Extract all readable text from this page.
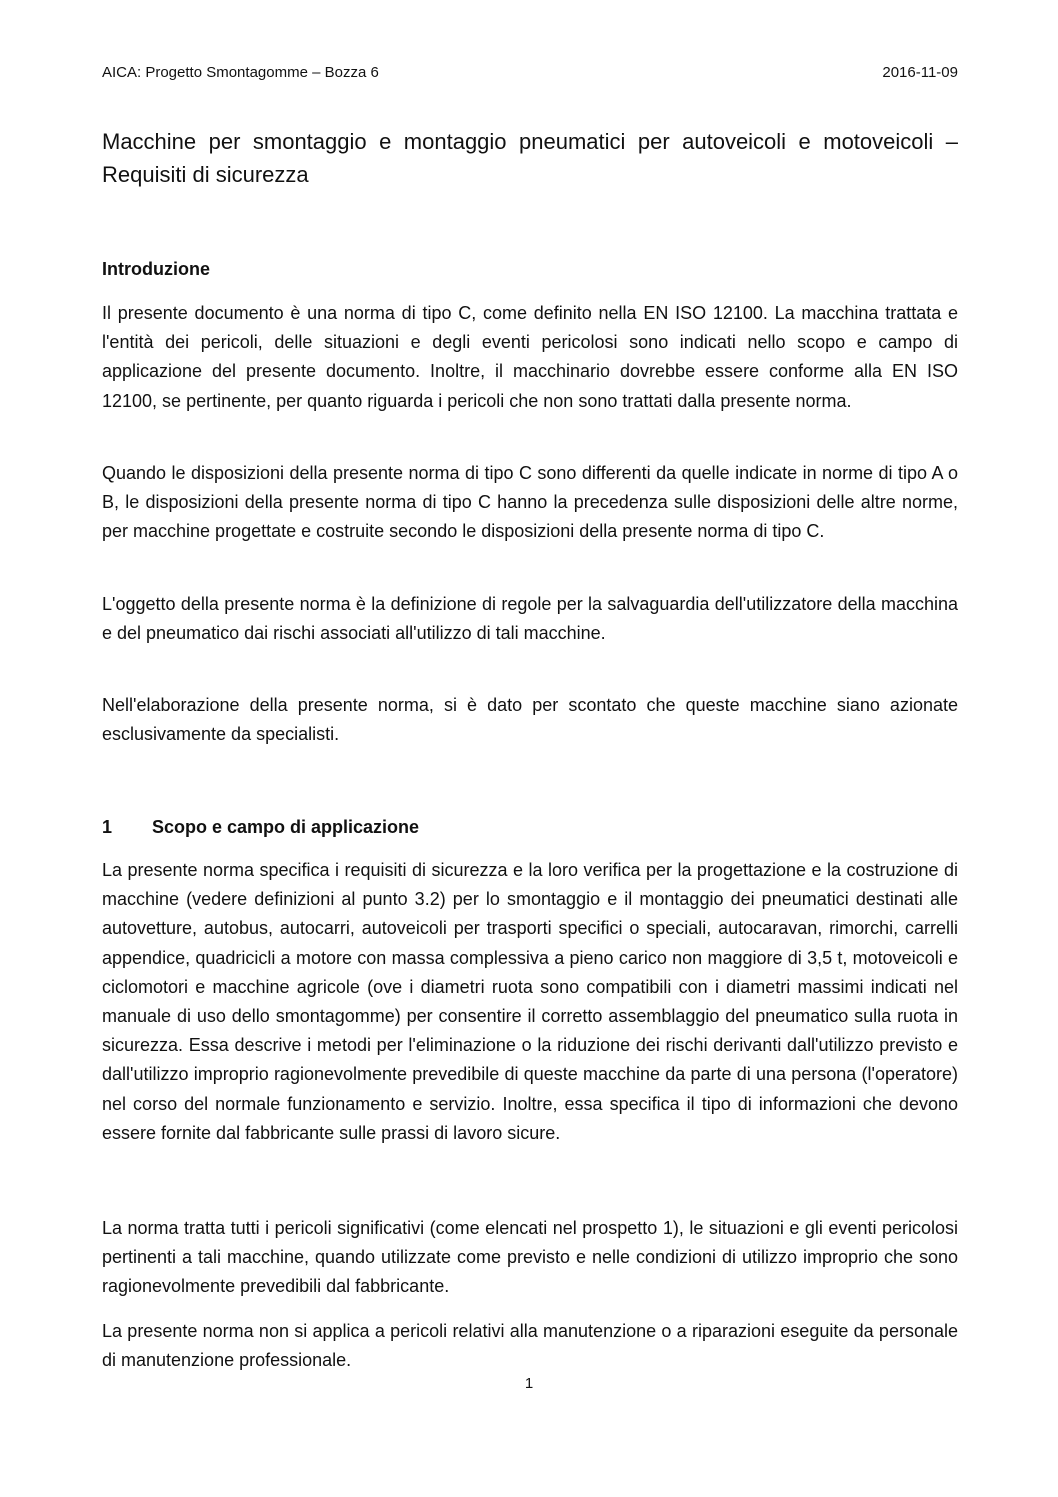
AICA: Progetto Smontagomme – Bozza 6	2016-11-09
Macchine per smontaggio e montaggio pneumatici per autoveicoli e motoveicoli – Requisiti di sicurezza
Introduzione

Il presente documento è una norma di tipo C, come definito nella EN ISO 12100. La macchina trattata e l'entità dei pericoli, delle situazioni e degli eventi pericolosi sono indicati nello scopo e campo di applicazione del presente documento. Inoltre, il macchinario dovrebbe essere conforme alla EN ISO 12100, se pertinente, per quanto riguarda i pericoli che non sono trattati dalla presente norma.

Quando le disposizioni della presente norma di tipo C sono differenti da quelle indicate in norme di tipo A o B, le disposizioni della presente norma di tipo C hanno la precedenza sulle disposizioni delle altre norme, per macchine progettate e costruite secondo le disposizioni della presente norma di tipo C.

L'oggetto della presente norma è la definizione di regole per la salvaguardia dell'utilizzatore della macchina e del pneumatico dai rischi associati all'utilizzo di tali macchine.

Nell'elaborazione della presente norma, si è dato per scontato che queste macchine siano azionate esclusivamente da specialisti.

1 Scopo e campo di applicazione

La presente norma specifica i requisiti di sicurezza e la loro verifica per la progettazione e la costruzione di macchine (vedere definizioni al punto 3.2) per lo smontaggio e il montaggio dei pneumatici destinati alle autovetture, autobus, autocarri, autoveicoli per trasporti specifici o speciali, autocaravan, rimorchi, carrelli appendice, quadricicli a motore con massa complessiva a pieno carico non maggiore di 3,5 t, motoveicoli e ciclomotori e macchine agricole (ove i diametri ruota sono compatibili con i diametri massimi indicati nel manuale di uso dello smontagomme) per consentire il corretto assemblaggio del pneumatico sulla ruota in sicurezza. Essa descrive i metodi per l'eliminazione o la riduzione dei rischi derivanti dall'utilizzo previsto e dall'utilizzo improprio ragionevolmente prevedibile di queste macchine da parte di una persona (l'operatore) nel corso del normale funzionamento e servizio. Inoltre, essa specifica il tipo di informazioni che devono essere fornite dal fabbricante sulle prassi di lavoro sicure.

La norma tratta tutti i pericoli significativi (come elencati nel prospetto 1), le situazioni e gli eventi pericolosi pertinenti a tali macchine, quando utilizzate come previsto e nelle condizioni di utilizzo improprio che sono ragionevolmente prevedibili dal fabbricante.

La presente norma non si applica a pericoli relativi alla manutenzione o a riparazioni eseguite da personale di manutenzione professionale.

1
